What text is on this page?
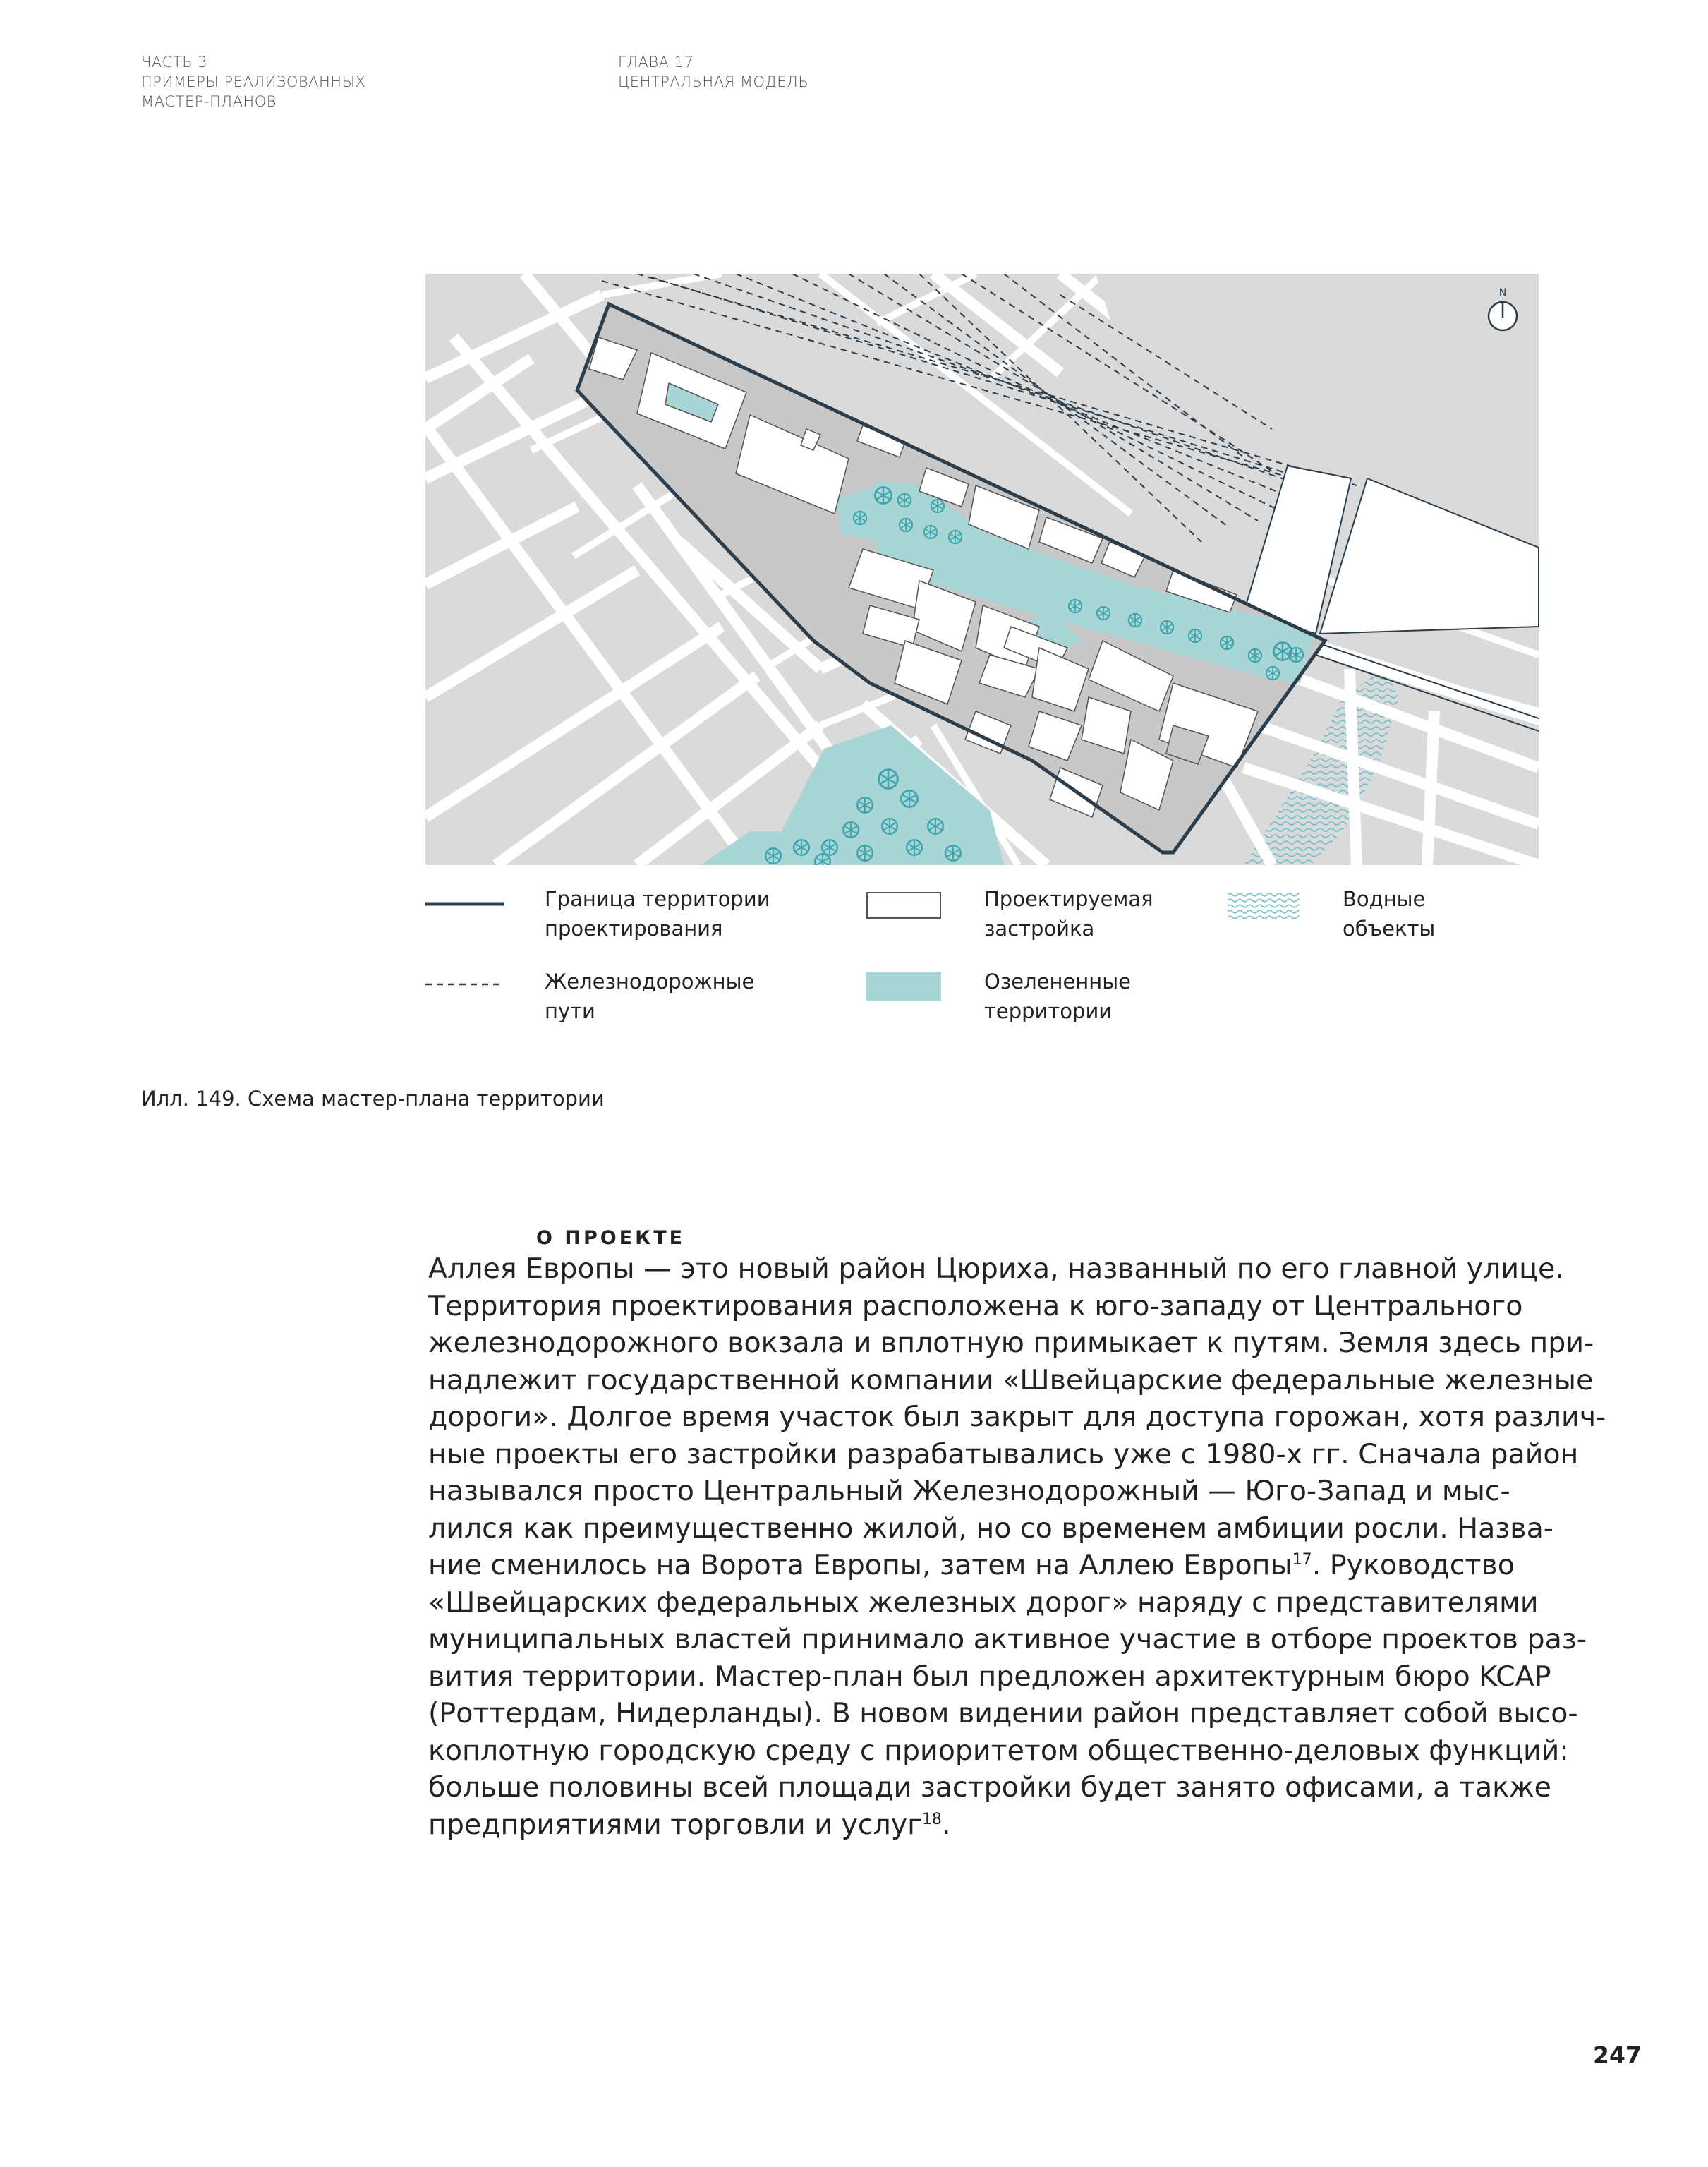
ЧАСТЬ 3
ПРИМЕРЫ РЕАЛИЗОВАННЫХ
МАСТЕР-ПЛАНОВ
ГЛАВА 17
ЦЕНТРАЛЬНАЯ МОДЕЛЬ
N
Граница территории
проектирования
Проектируемая
застройка
Водные
объекты
Железнодорожные
пути
Озелененные
территории
Илл. 149. Схема мастер-плана территории
О ПРОЕКТЕ
Аллея Европы — это новый район Цюриха, названный по его главной улице.
Территория проектирования расположена к юго-западу от Центрального
железнодорожного вокзала и вплотную примыкает к путям. Земля здесь при-
надлежит государственной компании «Швейцарские федеральные железные
дороги». Долгое время участок был закрыт для доступа горожан, хотя различ-
ные проекты его застройки разрабатывались уже с 1980-х гг. Сначала район
назывался просто Центральный Железнодорожный — Юго-Запад и мыс-
лился как преимущественно жилой, но со временем амбиции росли. Назва-
ние сменилось на Ворота Европы, затем на Аллею Европы$^{17}$. Руководство
«Швейцарских федеральных железных дорог» наряду с представителями
муниципальных властей принимало активное участие в отборе проектов раз-
вития территории. Мастер-план был предложен архитектурным бюро KCAP
(Роттердам, Нидерланды). В новом видении район представляет собой высо-
коплотную городскую среду с приоритетом общественно-деловых функций:
больше половины всей площади застройки будет занято офисами, а также
предприятиями торговли и услуг$^{18}$.
247
